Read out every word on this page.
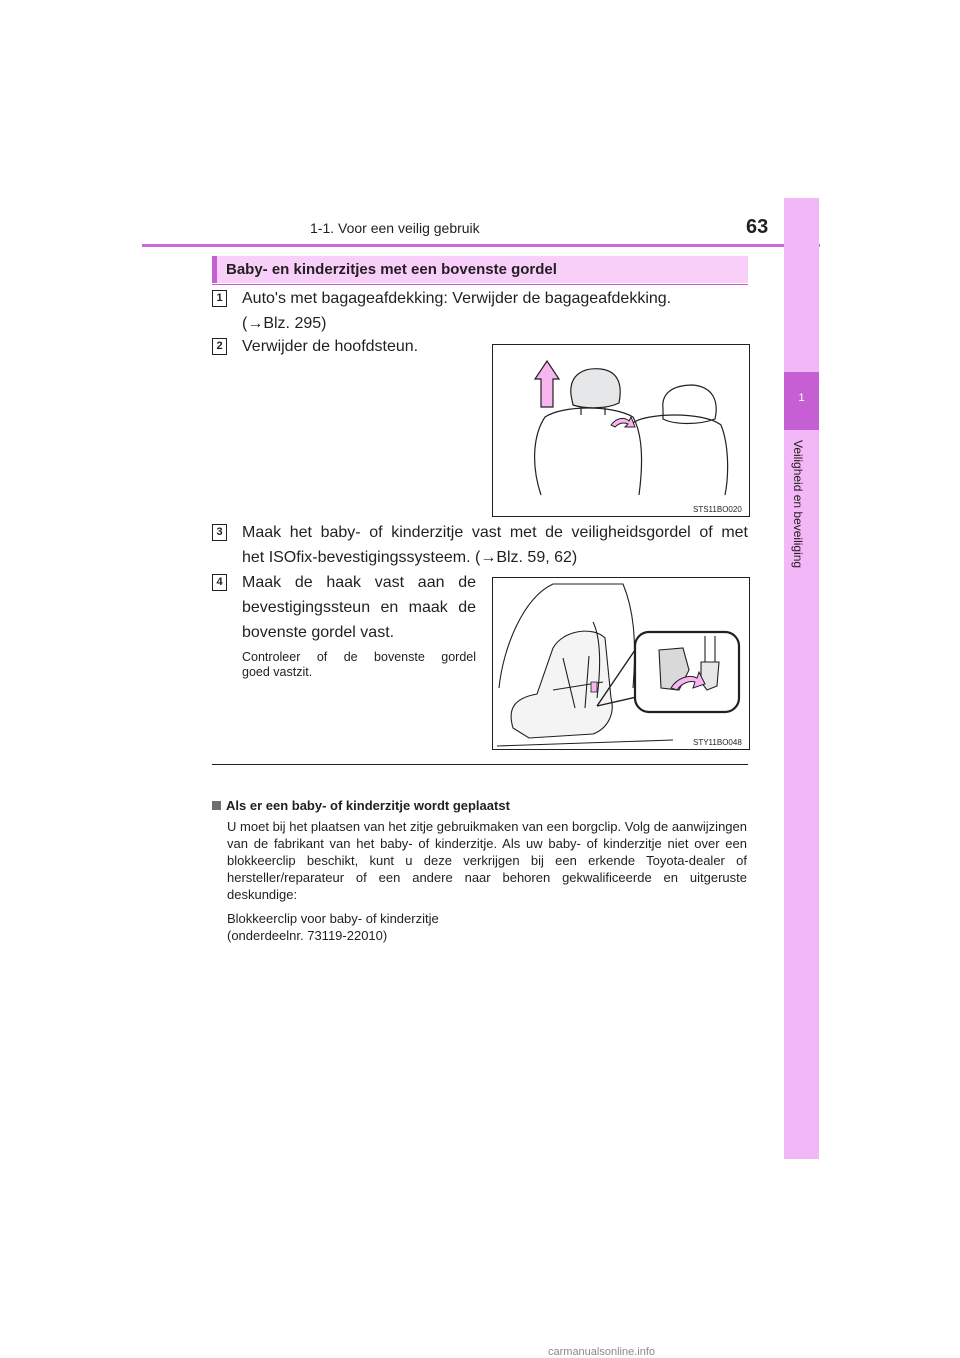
1-1. Voor een veilig gebruik	63
1
Veiligheid en beveiliging
Baby- en kinderzitjes met een bovenste gordel
1 Auto's met bagageafdekking: Verwijder de bagageafdekking.
(→Blz. 295)
2 Verwijder de hoofdsteun.
STS11BO020
3 Maak het baby- of kinderzitje vast met de veiligheidsgordel of met
het ISOfix-bevestigingssysteem. (→Blz. 59, 62)
4 Maak de haak vast aan de
bevestigingssteun en maak de
bovenste gordel vast.
Controleer of de bovenste gordel
goed vastzit.
STY11BO048
Als er een baby- of kinderzitje wordt geplaatst

U moet bij het plaatsen van het zitje gebruikmaken van een borgclip. Volg de aanwijzingen van de fabrikant van het baby- of kinderzitje. Als uw baby- of kinderzitje niet over een blokkeerclip beschikt, kunt u deze verkrijgen bij een erkende Toyota-dealer of hersteller/reparateur of een andere naar behoren gekwalificeerde en uitgeruste deskundige:

Blokkeerclip voor baby- of kinderzitje
(onderdeelnr. 73119-22010)
carmanualsonline.info
